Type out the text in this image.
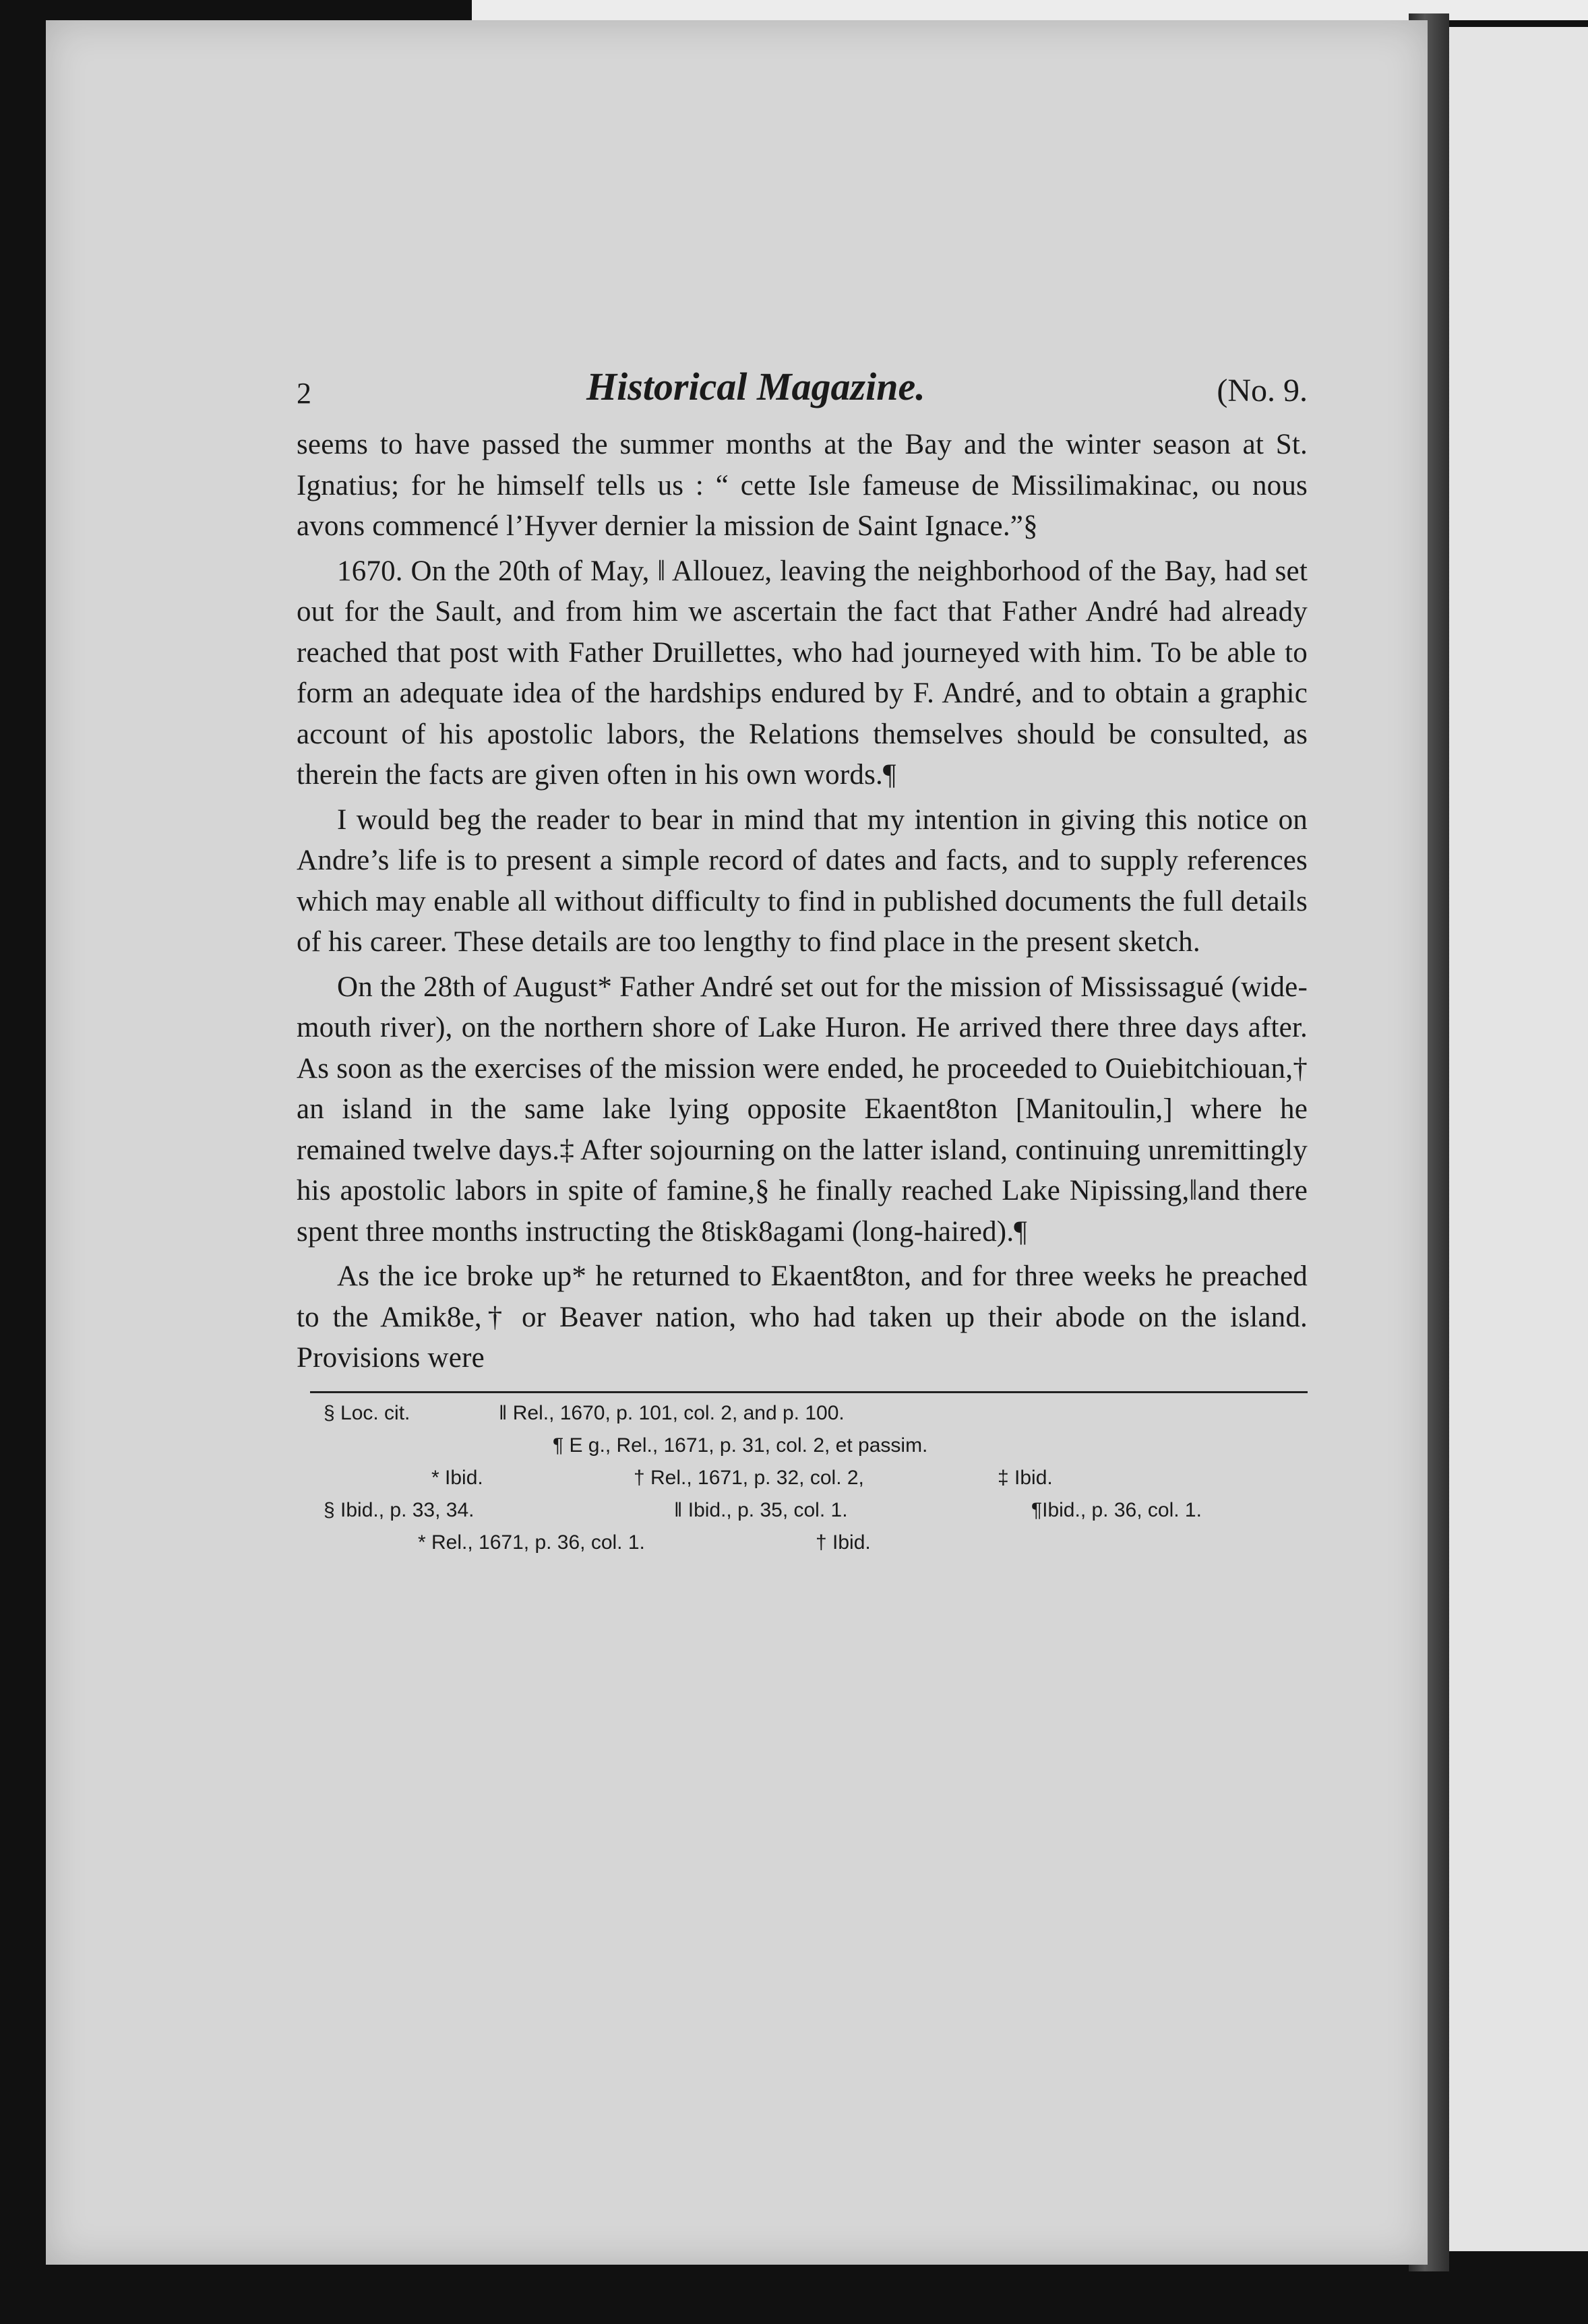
2	Historical Magazine.	(No. 9.

seems to have passed the summer months at the Bay and the winter season at St. Ignatius; for he himself tells us : “ cette Isle fameuse de Missilimakinac, ou nous avons commencé l’Hyver dernier la mission de Saint Ignace.”§

1670. On the 20th of May, ‖ Allouez, leaving the neighborhood of the Bay, had set out for the Sault, and from him we ascertain the fact that Father André had already reached that post with Father Druillettes, who had journeyed with him. To be able to form an adequate idea of the hardships endured by F. André, and to obtain a graphic account of his apostolic labors, the Relations themselves should be consulted, as therein the facts are given often in his own words.¶

I would beg the reader to bear in mind that my intention in giving this notice on Andre’s life is to present a simple record of dates and facts, and to supply references which may enable all without difficulty to find in published documents the full details of his career. These details are too lengthy to find place in the present sketch.

On the 28th of August* Father André set out for the mission of Mississagué (wide-mouth river), on the northern shore of Lake Huron. He arrived there three days after. As soon as the exercises of the mission were ended, he proceeded to Ouiebitchiouan,† an island in the same lake lying opposite Ekaent8ton [Manitoulin,] where he remained twelve days.‡ After sojourning on the latter island, continuing unremittingly his apostolic labors in spite of famine,§ he finally reached Lake Nipissing,‖and there spent three months instructing the 8tisk8agami (long-haired).¶

As the ice broke up* he returned to Ekaent8ton, and for three weeks he preached to the Amik8e,† or Beaver nation, who had taken up their abode on the island. Provisions were

§ Loc. cit.	‖ Rel., 1670, p. 101, col. 2, and p. 100.
¶ E g., Rel., 1671, p. 31, col. 2, et passim.
* Ibid.	† Rel., 1671, p. 32, col. 2,	‡ Ibid.
§ Ibid., p. 33, 34.	‖ Ibid., p. 35, col. 1.	¶Ibid., p. 36, col. 1.
* Rel., 1671, p. 36, col. 1.	† Ibid.
